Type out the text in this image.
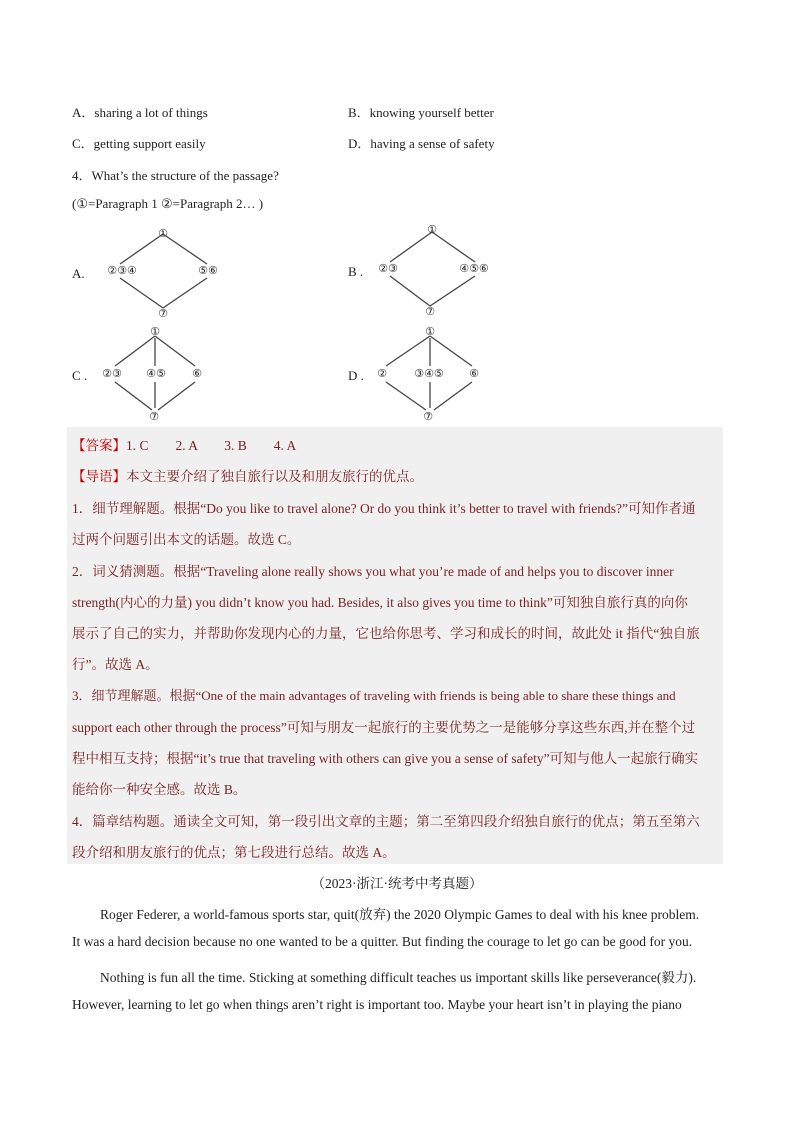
A．sharing a lot of things	B．knowing yourself better
C．getting support easily	D．having a sense of safety
4．What’s the structure of the passage?
(①=Paragraph 1 ②=Paragraph 2… )
A.
①
②③④	⑤⑥
⑦
B .
①
②③	④⑤⑥
⑦
C .
①
②③ ④⑤ ⑥
⑦
D .
①
② ③④⑤ ⑥
⑦
【答案】1. C　　2. A　　3. B　　4. A
【导语】本文主要介绍了独自旅行以及和朋友旅行的优点。
1．细节理解题。根据“Do you like to travel alone? Or do you think it’s better to travel with friends?”可知作者通
过两个问题引出本文的话题。故选 C。
2．词义猜测题。根据“Traveling alone really shows you what you’re made of and helps you to discover inner
strength(内心的力量) you didn’t know you had. Besides, it also gives you time to think”可知独自旅行真的向你
展示了自己的实力，并帮助你发现内心的力量，它也给你思考、学习和成长的时间，故此处 it 指代“独自旅
行”。故选 A。
3．细节理解题。根据“One of the main advantages of traveling with friends is being able to share these things and
support each other through the process”可知与朋友一起旅行的主要优势之一是能够分享这些东西,并在整个过
程中相互支持；根据“it’s true that traveling with others can give you a sense of safety”可知与他人一起旅行确实
能给你一种安全感。故选 B。
4．篇章结构题。通读全文可知，第一段引出文章的主题；第二至第四段介绍独自旅行的优点；第五至第六
段介绍和朋友旅行的优点；第七段进行总结。故选 A。
（2023·浙江·统考中考真题）
Roger Federer, a world-famous sports star, quit(放弃) the 2020 Olympic Games to deal with his knee problem.
It was a hard decision because no one wanted to be a quitter. But finding the courage to let go can be good for you.
Nothing is fun all the time. Sticking at something difficult teaches us important skills like perseverance(毅力).
However, learning to let go when things aren’t right is important too. Maybe your heart isn’t in playing the piano
